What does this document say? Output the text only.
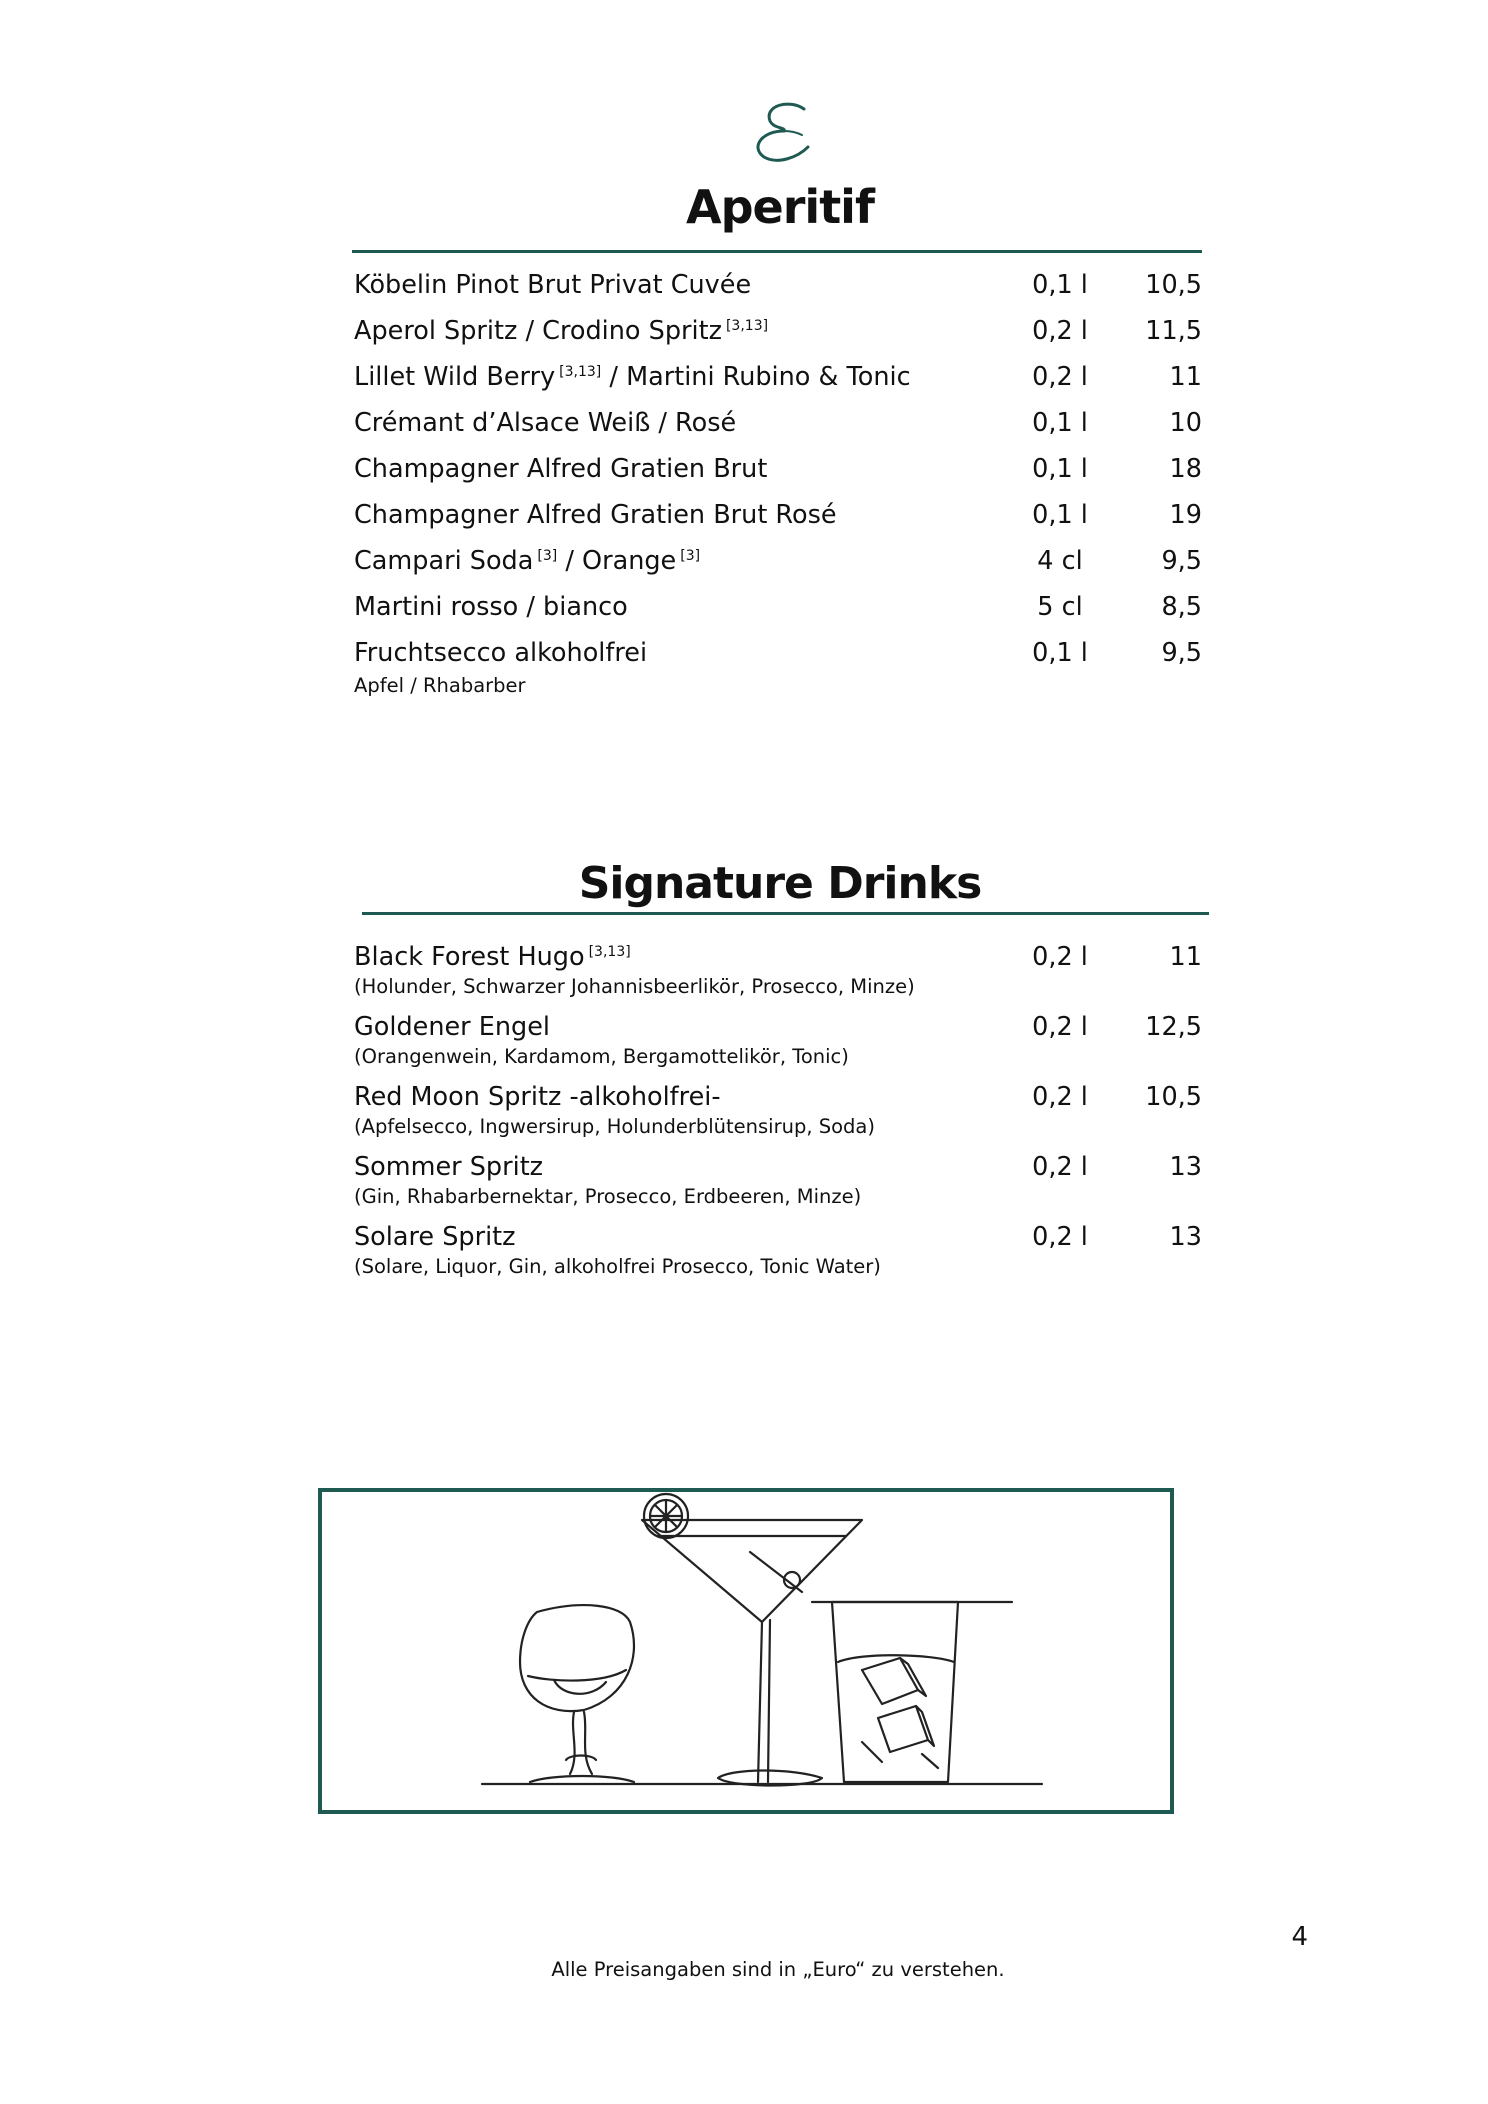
Aperitif
Köbelin Pinot Brut Privat Cuvée	0,1 l	10,5
Aperol Spritz / Crodino Spritz [3,13]	0,2 l	11,5
Lillet Wild Berry [3,13] / Martini Rubino & Tonic	0,2 l	11
Crémant d’Alsace Weiß / Rosé	0,1 l	10
Champagner Alfred Gratien Brut	0,1 l	18
Champagner Alfred Gratien Brut Rosé	0,1 l	19
Campari Soda [3] / Orange [3]	4 cl	9,5
Martini rosso / bianco	5 cl	8,5
Fruchtsecco alkoholfrei	0,1 l	9,5
Apfel / Rhabarber
Signature Drinks
Black Forest Hugo [3,13]	0,2 l	11
(Holunder, Schwarzer Johannisbeerlikör, Prosecco, Minze)
Goldener Engel	0,2 l	12,5
(Orangenwein, Kardamom, Bergamottelikör, Tonic)
Red Moon Spritz -alkoholfrei-	0,2 l	10,5
(Apfelsecco, Ingwersirup, Holunderblütensirup, Soda)
Sommer Spritz	0,2 l	13
(Gin, Rhabarbernektar, Prosecco, Erdbeeren, Minze)
Solare Spritz	0,2 l	13
(Solare, Liquor, Gin, alkoholfrei Prosecco, Tonic Water)
4
Alle Preisangaben sind in „Euro“ zu verstehen.
